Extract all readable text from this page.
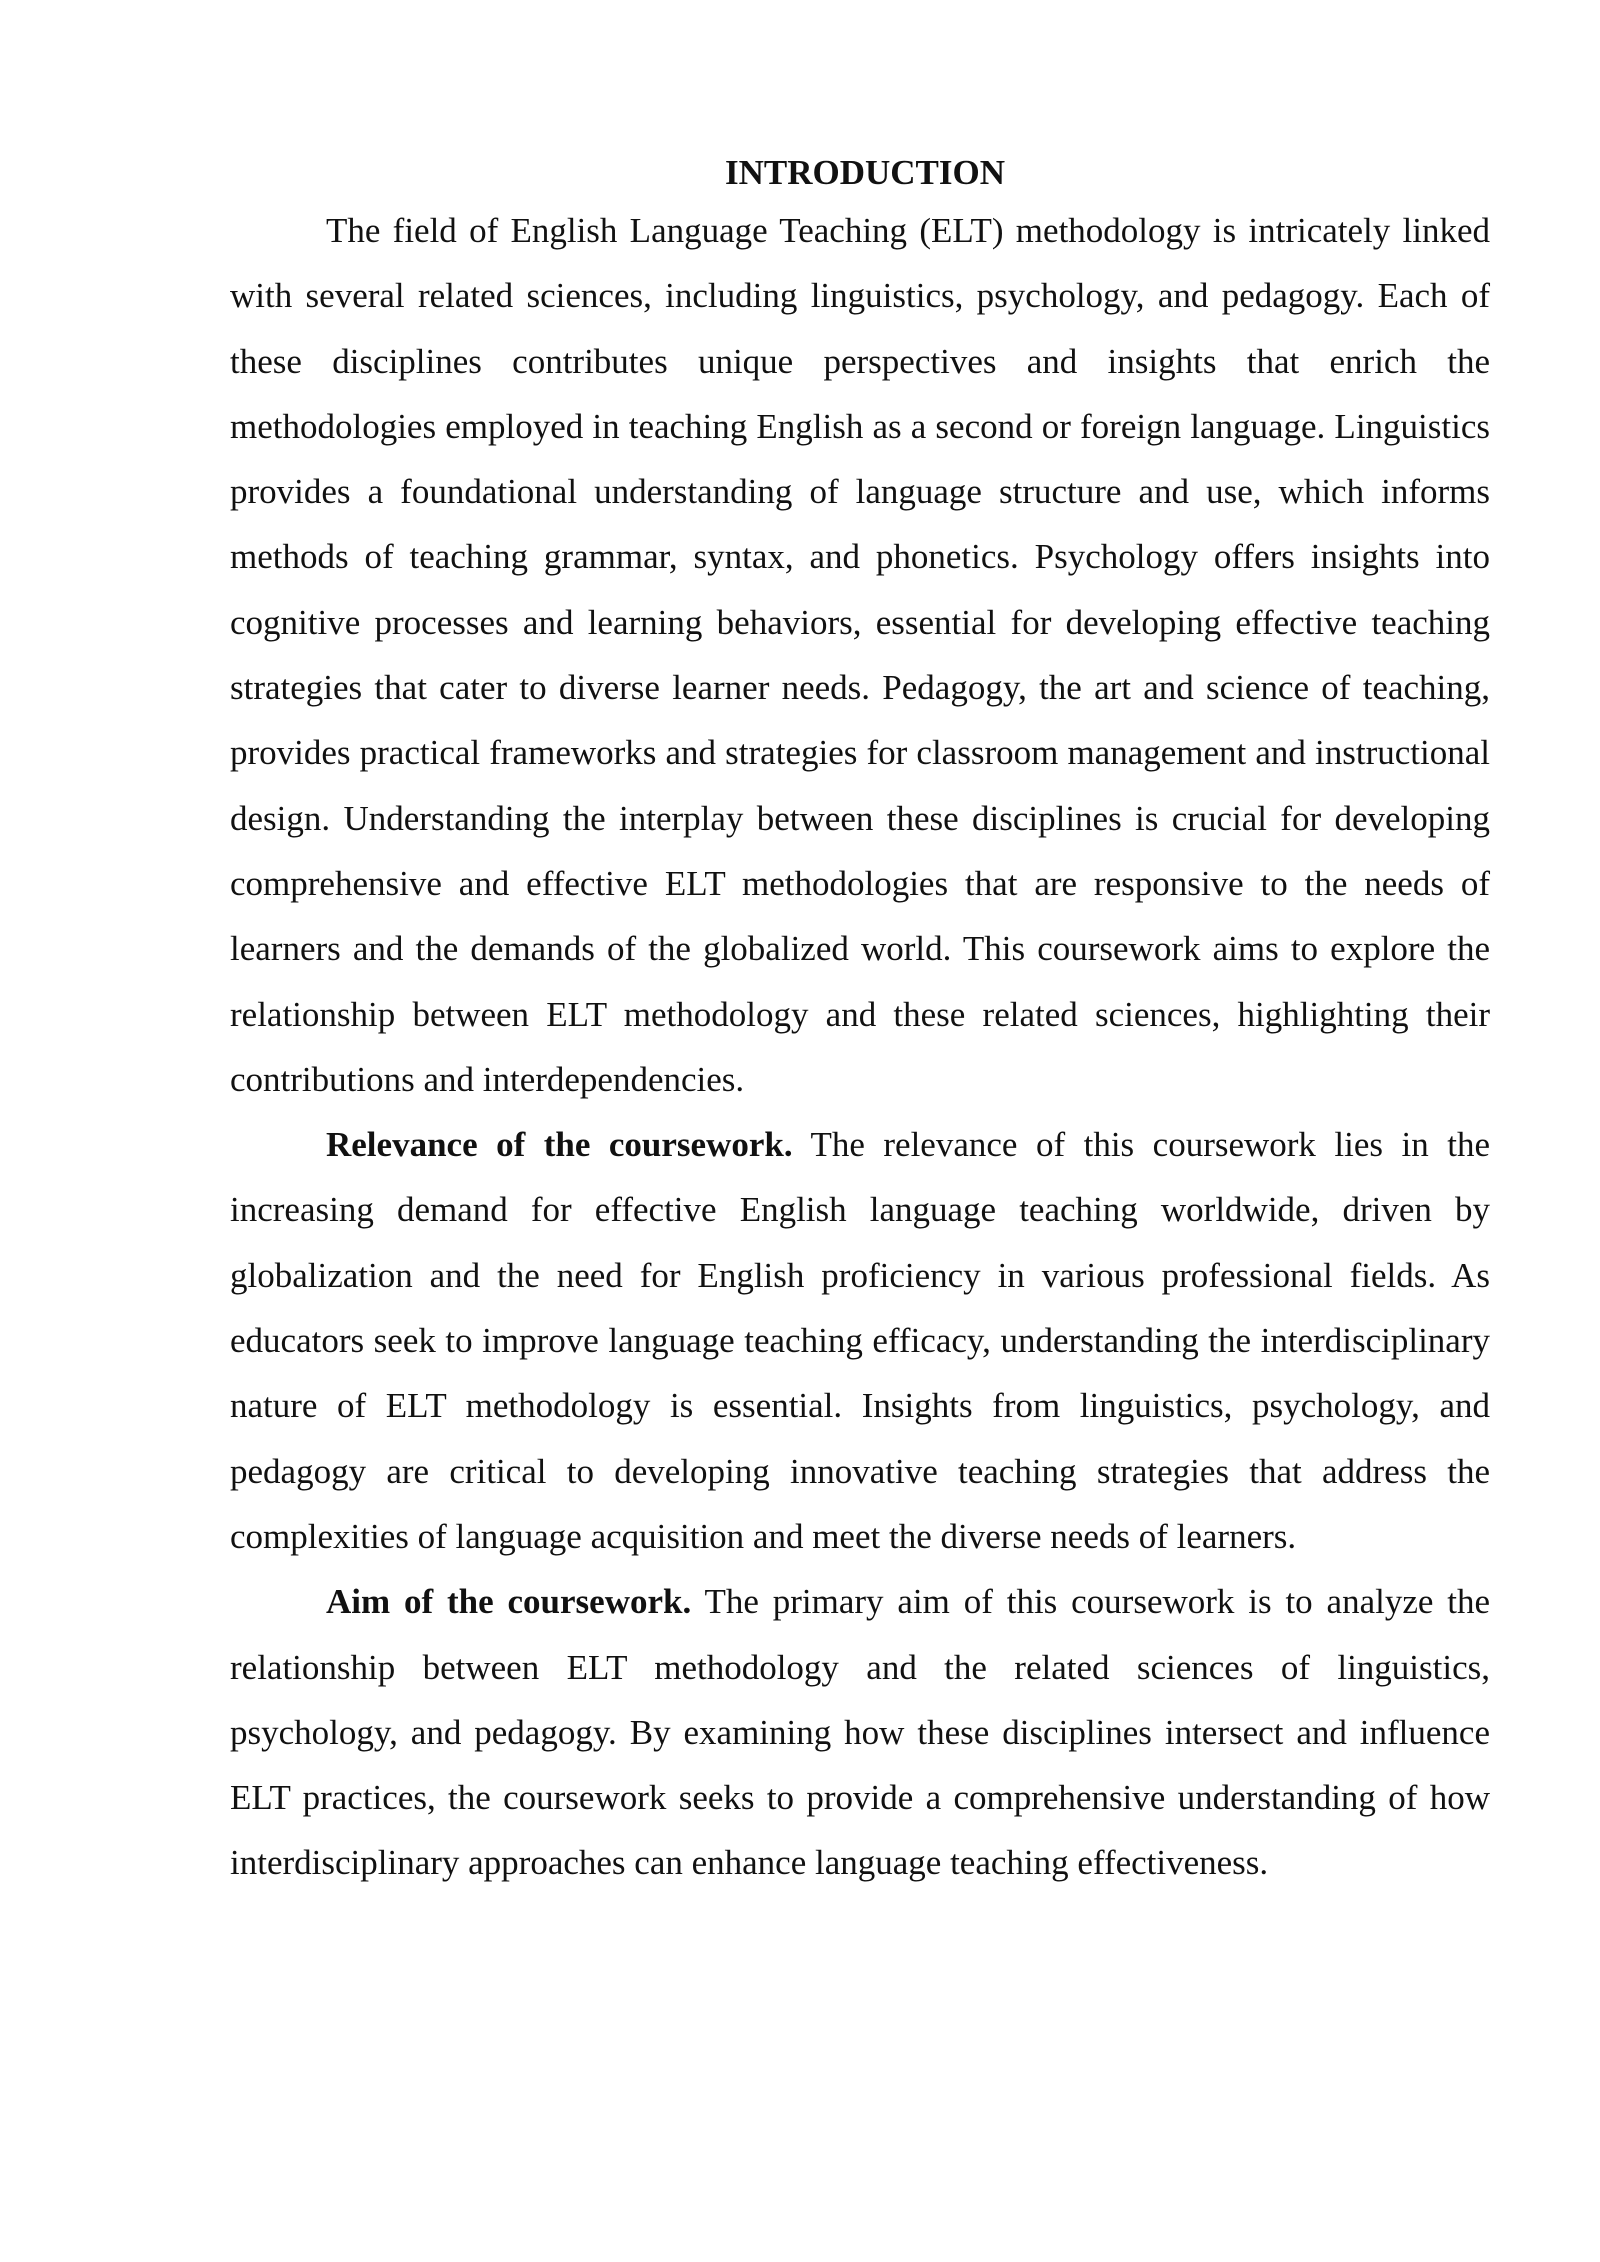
INTRODUCTION

The field of English Language Teaching (ELT) methodology is intricately linked with several related sciences, including linguistics, psychology, and pedagogy. Each of these disciplines contributes unique perspectives and insights that enrich the methodologies employed in teaching English as a second or foreign language. Linguistics provides a foundational understanding of language structure and use, which informs methods of teaching grammar, syntax, and phonetics. Psychology offers insights into cognitive processes and learning behaviors, essential for developing effective teaching strategies that cater to diverse learner needs. Pedagogy, the art and science of teaching, provides practical frameworks and strategies for classroom management and instructional design. Understanding the interplay between these disciplines is crucial for developing comprehensive and effective ELT methodologies that are responsive to the needs of learners and the demands of the globalized world. This coursework aims to explore the relationship between ELT methodology and these related sciences, highlighting their contributions and interdependencies.

Relevance of the coursework. The relevance of this coursework lies in the increasing demand for effective English language teaching worldwide, driven by globalization and the need for English proficiency in various professional fields. As educators seek to improve language teaching efficacy, understanding the interdisciplinary nature of ELT methodology is essential. Insights from linguistics, psychology, and pedagogy are critical to developing innovative teaching strategies that address the complexities of language acquisition and meet the diverse needs of learners.

Aim of the coursework. The primary aim of this coursework is to analyze the relationship between ELT methodology and the related sciences of linguistics, psychology, and pedagogy. By examining how these disciplines intersect and influence ELT practices, the coursework seeks to provide a comprehensive understanding of how interdisciplinary approaches can enhance language teaching effectiveness.
